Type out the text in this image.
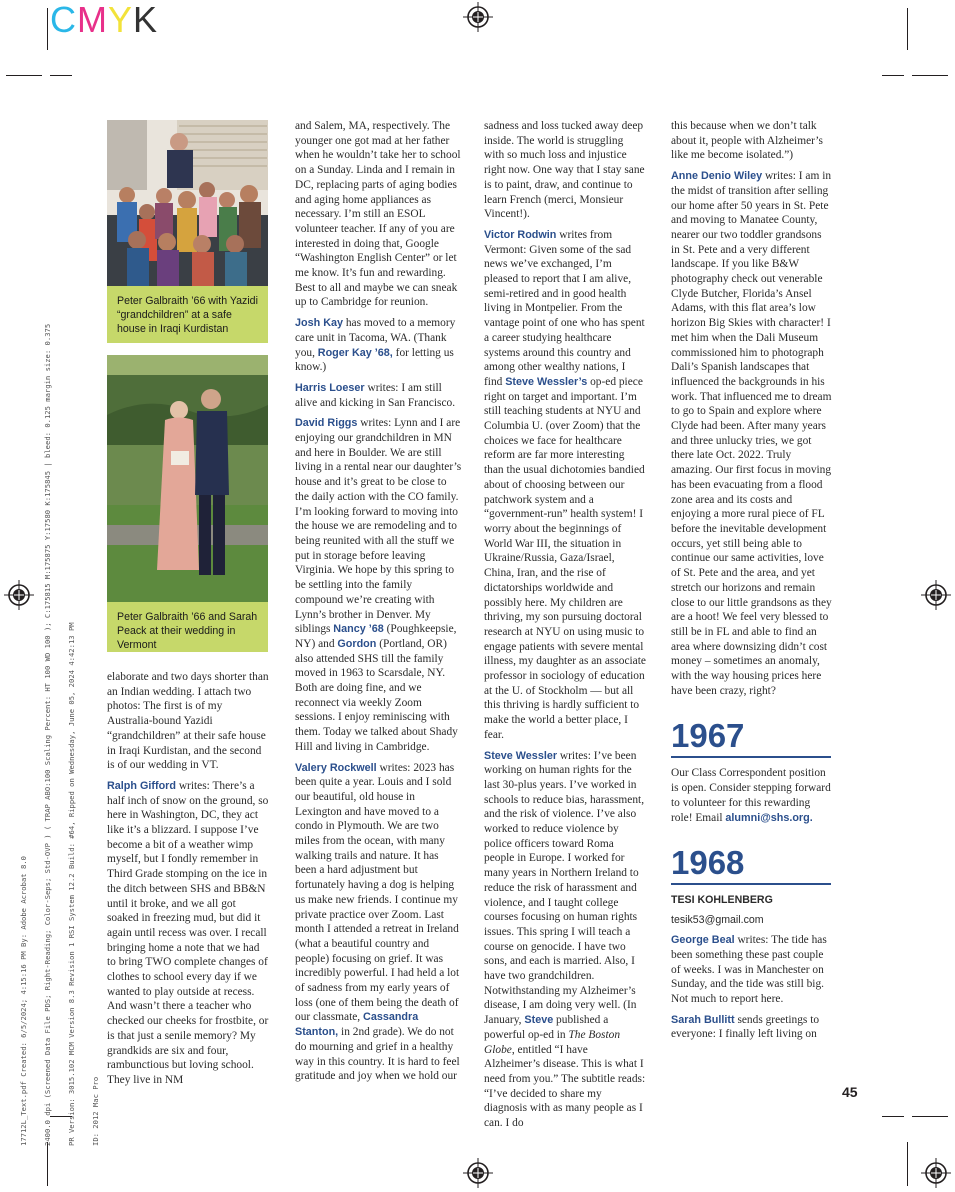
CMYK

17712L_Text.pdf Created: 6/5/2024; 4:15:16 PM By: Adobe Acrobat 8.0

2400.0 dpi (Screened Data File PDS; Right-Reading; Color-Seps; Std-OVP ) ( TRAP ABO:100 Scaling Percent: HT 100 WD 100 ); C:175815 M:175875 Y:17580 K:175845 | bleed: 0.125 margin size: 0.375

PR Version: 3015.102 MCM Version 8.3 Revision 1 RSI System 12.2 Build: #64, Ripped on Wednesday, June 05, 2024 4:42:13 PM

ID: 2012 Mac Pro

Peter Galbraith ’66 with Yazidi “grandchildren” at a safe house in Iraqi Kurdistan
Peter Galbraith ’66 and Sarah Peack at their wedding in Vermont

elaborate and two days shorter than an Indian wedding. I attach two photos: The first is of my Australia-bound Yazidi “grandchildren” at their safe house in Iraqi Kurdistan, and the second is of our wedding in VT.

Ralph Gifford writes: There’s a half inch of snow on the ground, so here in Washington, DC, they act like it’s a blizzard. I suppose I’ve become a bit of a weather wimp myself, but I fondly remember in Third Grade stomping on the ice in the ditch between SHS and BB&N until it broke, and we all got soaked in freezing mud, but did it again until recess was over. I recall bringing home a note that we had to bring TWO complete changes of clothes to school every day if we wanted to play outside at recess. And wasn’t there a teacher who checked our cheeks for frostbite, or is that just a senile memory? My grandkids are six and four, rambunctious but loving school. They live in NM

and Salem, MA, respectively. The younger one got mad at her father when he wouldn’t take her to school on a Sunday. Linda and I remain in DC, replacing parts of aging bodies and aging home appliances as necessary. I’m still an ESOL volunteer teacher. If any of you are interested in doing that, Google “Washington English Center” or let me know. It’s fun and rewarding. Best to all and maybe we can sneak up to Cambridge for reunion.

Josh Kay has moved to a memory care unit in Tacoma, WA. (Thank you, Roger Kay ’68, for letting us know.)

Harris Loeser writes: I am still alive and kicking in San Francisco.

David Riggs writes: Lynn and I are enjoying our grandchildren in MN and here in Boulder. We are still living in a rental near our daughter’s house and it’s great to be close to the daily action with the CO family. I’m looking forward to moving into the house we are remodeling and to being reunited with all the stuff we put in storage before leaving Virginia. We hope by this spring to be settling into the family compound we’re creating with Lynn’s brother in Denver. My siblings Nancy ’68 (Poughkeepsie, NY) and Gordon (Portland, OR) also attended SHS till the family moved in 1963 to Scarsdale, NY. Both are doing fine, and we reconnect via weekly Zoom sessions. I enjoy reminiscing with them. Today we talked about Shady Hill and living in Cambridge.

Valery Rockwell writes: 2023 has been quite a year. Louis and I sold our beautiful, old house in Lexington and have moved to a condo in Plymouth. We are two miles from the ocean, with many walking trails and nature. It has been a hard adjustment but fortunately having a dog is helping us make new friends. I continue my private practice over Zoom. Last month I attended a retreat in Ireland (what a beautiful country and people) focusing on grief. It was incredibly powerful. I had held a lot of sadness from my early years of loss (one of them being the death of our classmate, Cassandra Stanton, in 2nd grade). We do not do mourning and grief in a healthy way in this country. It is hard to feel gratitude and joy when we hold our

sadness and loss tucked away deep inside. The world is struggling with so much loss and injustice right now. One way that I stay sane is to paint, draw, and continue to learn French (merci, Monsieur Vincent!).

Victor Rodwin writes from Vermont: Given some of the sad news we’ve exchanged, I’m pleased to report that I am alive, semi-retired and in good health living in Montpelier. From the vantage point of one who has spent a career studying healthcare systems around this country and among other wealthy nations, I find Steve Wessler’s op-ed piece right on target and important. I’m still teaching students at NYU and Columbia U. (over Zoom) that the choices we face for healthcare reform are far more interesting than the usual dichotomies bandied about of choosing between our patchwork system and a “government-run” health system! I worry about the beginnings of World War III, the situation in Ukraine/Russia, Gaza/Israel, China, Iran, and the rise of dictatorships worldwide and possibly here. My children are thriving, my son pursuing doctoral research at NYU on using music to engage patients with severe mental illness, my daughter as an associate professor in sociology of education at the U. of Stockholm — but all this thriving is hardly sufficient to make the world a better place, I fear.

Steve Wessler writes: I’ve been working on human rights for the last 30-plus years. I’ve worked in schools to reduce bias, harassment, and the risk of violence. I’ve also worked to reduce violence by police officers toward Roma people in Europe. I worked for many years in Northern Ireland to reduce the risk of harassment and violence, and I taught college courses focusing on human rights issues. This spring I will teach a course on genocide. I have two sons, and each is married. Also, I have two grandchildren. Notwithstanding my Alzheimer’s disease, I am doing very well. (In January, Steve published a powerful op-ed in The Boston Globe, entitled “I have Alzheimer’s disease. This is what I need from you.” The subtitle reads: “I’ve decided to share my diagnosis with as many people as I can. I do

this because when we don’t talk about it, people with Alzheimer’s like me become isolated.”)

Anne Denio Wiley writes: I am in the midst of transition after selling our home after 50 years in St. Pete and moving to Manatee County, nearer our two toddler grandsons in St. Pete and a very different landscape. If you like B&W photography check out venerable Clyde Butcher, Florida’s Ansel Adams, with this flat area’s low horizon Big Skies with character! I met him when the Dali Museum commissioned him to photograph Dali’s Spanish landscapes that influenced the backgrounds in his work. That influenced me to dream to go to Spain and explore where Clyde had been. After many years and three unlucky tries, we got there late Oct. 2022. Truly amazing. Our first focus in moving has been evacuating from a flood zone area and its costs and enjoying a more rural piece of FL before the inevitable development occurs, yet still being able to continue our same activities, love of St. Pete and the area, and yet stretch our horizons and remain close to our little grandsons as they are a hoot! We feel very blessed to still be in FL and able to find an area where downsizing didn’t cost money – sometimes an anomaly, with the way housing prices here have been crazy, right?

1967

Our Class Correspondent position is open. Consider stepping forward to volunteer for this rewarding role! Email alumni@shs.org.

1968

TESI KOHLENBERG

tesik53@gmail.com

George Beal writes: The tide has been something these past couple of weeks. I was in Manchester on Sunday, and the tide was still big. Not much to report here.

Sarah Bullitt sends greetings to everyone: I finally left living on

45
